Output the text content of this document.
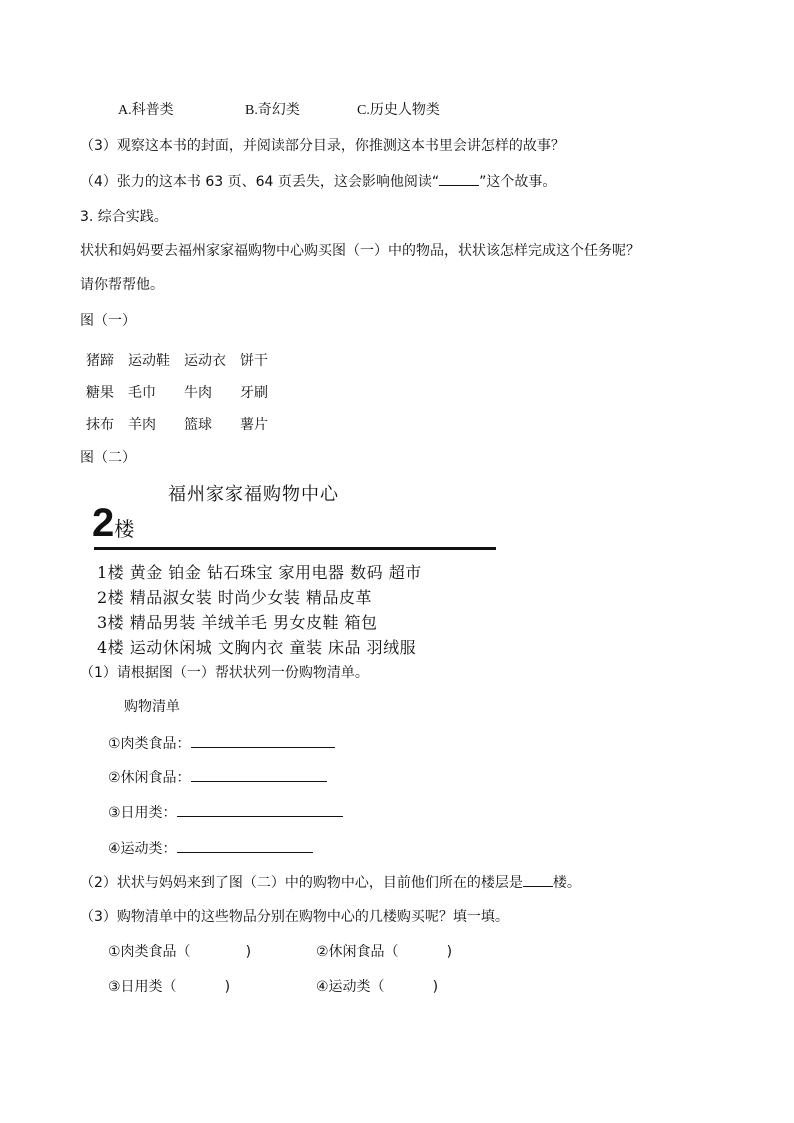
A.科普类	B.奇幻类	C.历史人物类
（3）观察这本书的封面，并阅读部分目录，你推测这本书里会讲怎样的故事？
（4）张力的这本书 63 页、64 页丢失，这会影响他阅读“	”这个故事。
3. 综合实践。
状状和妈妈要去福州家家福购物中心购买图（一）中的物品，状状该怎样完成这个任务呢？
请你帮帮他。
图（一）
猪蹄 运动鞋 运动衣 饼干
糖果 毛巾 牛肉 牙刷
抹布 羊肉 篮球 薯片
图（二）
福州家家福购物中心
2楼
1楼 黄金 铂金 钻石珠宝 家用电器 数码 超市
2楼 精品淑女装 时尚少女装 精品皮革
3楼 精品男装 羊绒羊毛 男女皮鞋 箱包
4楼 运动休闲城 文胸内衣 童装 床品 羽绒服
（1）请根据图（一）帮状状列一份购物清单。
购物清单
①肉类食品：
②休闲食品：
③日用类：
④运动类：
（2）状状与妈妈来到了图（二）中的购物中心，目前他们所在的楼层是 楼。
（3）购物清单中的这些物品分别在购物中心的几楼购买呢？填一填。
①肉类食品（	)	②休闲食品（	)
③日用类（	)	④运动类（	)
